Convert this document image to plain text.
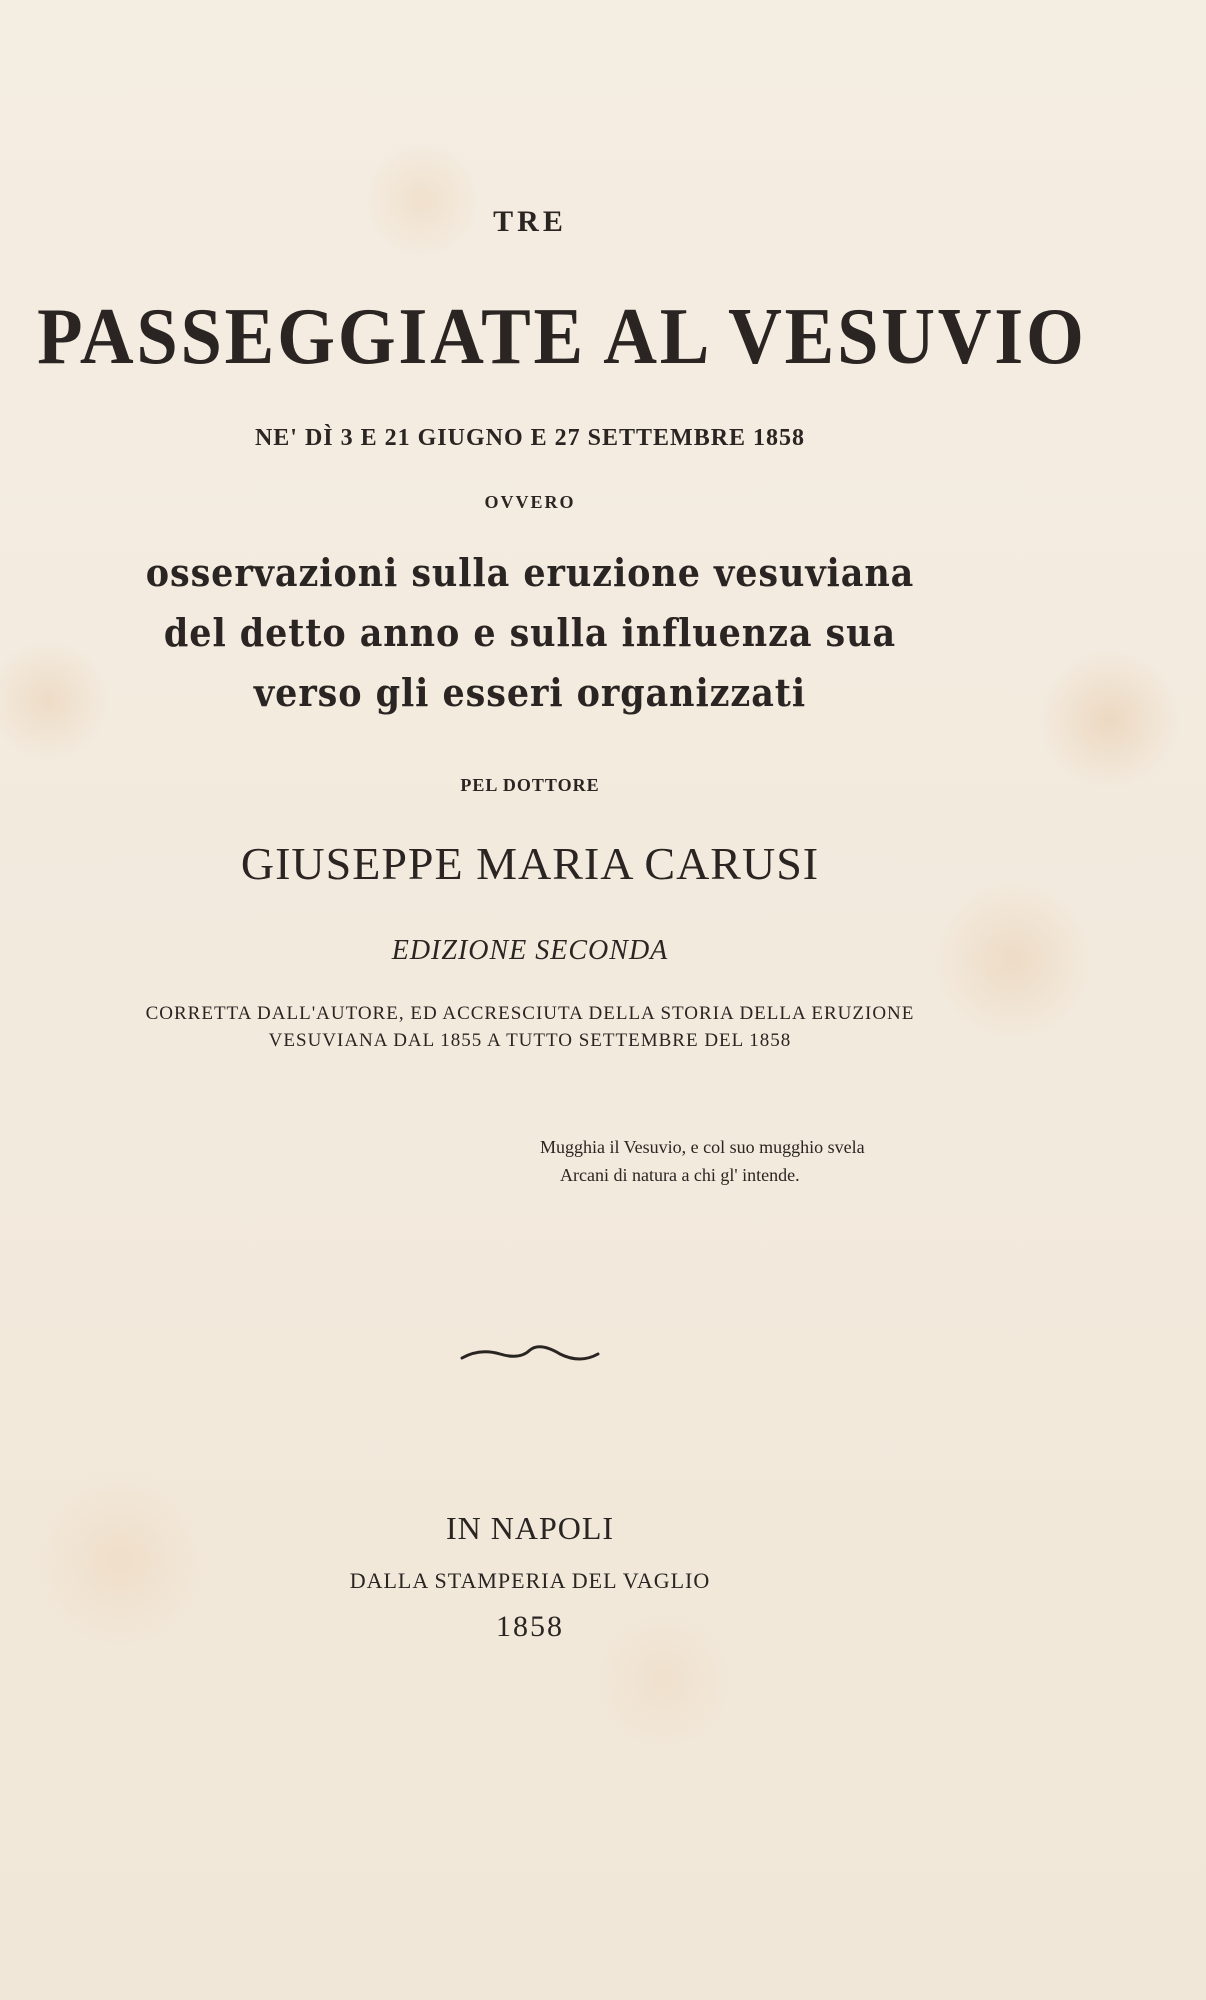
TRE
PASSEGGIATE AL VESUVIO
NE' DÌ 3 E 21 GIUGNO E 27 SETTEMBRE 1858
OVVERO
osservazioni sulla eruzione vesuviana
del detto anno e sulla influenza sua
verso gli esseri organizzati
PEL DOTTORE
GIUSEPPE MARIA CARUSI
EDIZIONE SECONDA
CORRETTA DALL'AUTORE, ED ACCRESCIUTA DELLA STORIA DELLA ERUZIONE
VESUVIANA DAL 1855 A TUTTO SETTEMBRE DEL 1858
Mugghia il Vesuvio, e col suo mugghio svela
Arcani di natura a chi gl' intende.
IN NAPOLI
DALLA STAMPERIA DEL VAGLIO
1858
